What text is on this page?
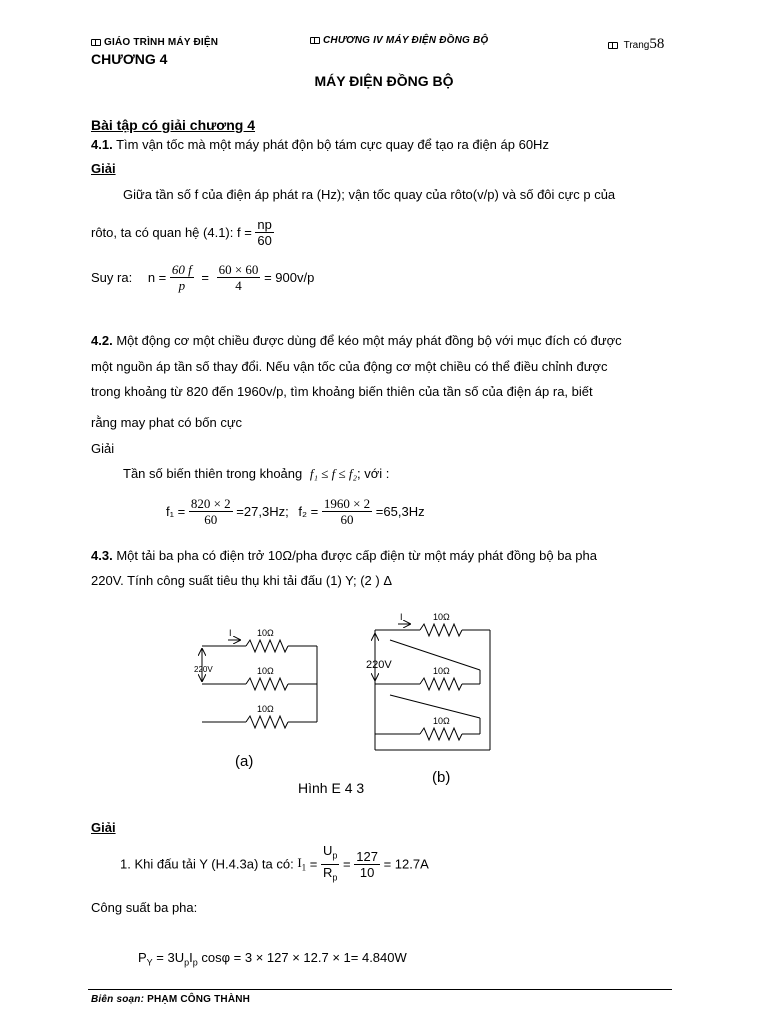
GIÁO TRÌNH MÁY ĐIỆN	CHƯƠNG IV MÁY ĐIỆN ĐỒNG BỘ	Trang58
CHƯƠNG 4
MÁY ĐIỆN ĐỒNG BỘ
Bài tập có giải chương 4
4.1. Tìm vận tốc mà một máy phát độn bộ tám cực quay để tạo ra điện áp 60Hz
Giải
Giữa tần số f của điện áp phát ra (Hz); vận tốc quay của rôto(v/p) và số đôi cực p của
rôto, ta có quan hệ (4.1): $f = \frac{np}{60}$
Suy ra: $n = \frac{60 f}{p} = \frac{60 \times 60}{4} = 900v/p$
4.2. Một động cơ một chiều được dùng để kéo một máy phát đồng bộ với mục đích có được
một nguồn áp tần số thay đổi. Nếu vận tốc của động cơ một chiều có thể điều chỉnh được
trong khoảng từ 820 đến 1960v/p, tìm khoảng biến thiên của tần số của điện áp ra, biết
rằng may phat có bốn cực
Giải
Tần số biến thiên trong khoảng f₁ ≤ f ≤ f₂; với :
$f_1 = \frac{820 \times 2}{60} =27,3Hz$; $f_2 = \frac{1960 \times 2}{60} =65,3Hz$
4.3. Một tải ba pha có điện trở 10Ω/pha được cấp điện từ một máy phát đồng bộ ba pha
220V. Tính công suất tiêu thụ khi tải đấu (1) Y; (2 ) Δ
10Ω
10Ω
10Ω
I
220V
10Ω
10Ω
10Ω
I
220V
(a)
(b)
Hình E 4 3
Giải
1. Khi đấu tải Y (H.4.3a) ta có: $I_1 = \frac{U_p}{R_p} = \frac{127}{10} = 12.7A$
Công suất ba pha:
$P_Y = 3U_pI_p$ cosφ = 3 × 127 × 12.7 × 1= 4.840W
Biên soạn: PHẠM CÔNG THÀNH
